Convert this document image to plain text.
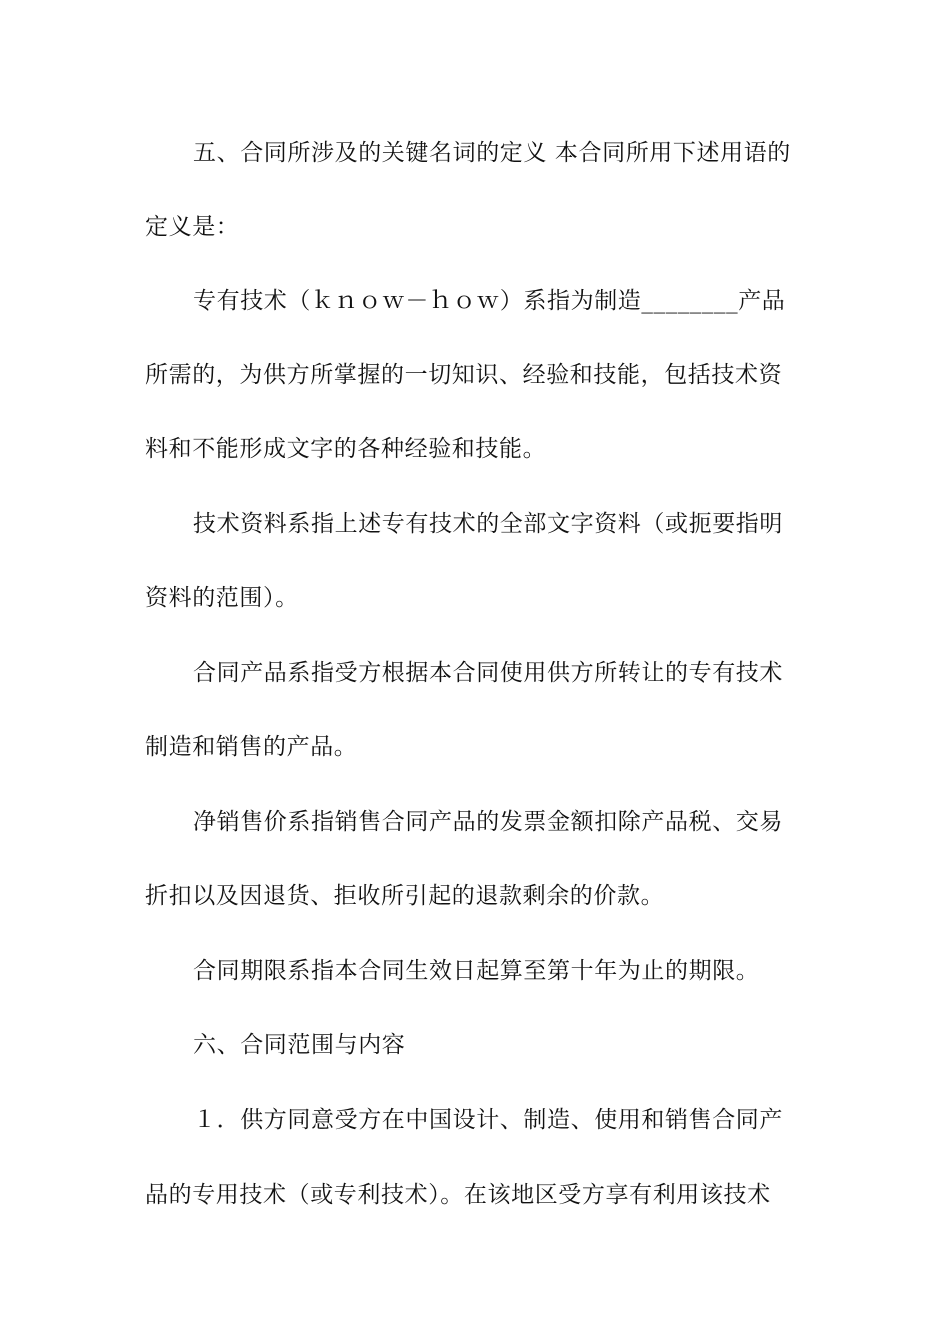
五、合同所涉及的关键名词的定义 本合同所用下述用语的
定义是：
专有技术（ｋｎｏｗ－ｈｏｗ）系指为制造________产品
所需的，为供方所掌握的一切知识、经验和技能，包括技术资
料和不能形成文字的各种经验和技能。
技术资料系指上述专有技术的全部文字资料（或扼要指明
资料的范围）。
合同产品系指受方根据本合同使用供方所转让的专有技术
制造和销售的产品。
净销售价系指销售合同产品的发票金额扣除产品税、交易
折扣以及因退货、拒收所引起的退款剩余的价款。
合同期限系指本合同生效日起算至第十年为止的期限。
六、合同范围与内容
１．供方同意受方在中国设计、制造、使用和销售合同产
品的专用技术（或专利技术）。在该地区受方享有利用该技术
